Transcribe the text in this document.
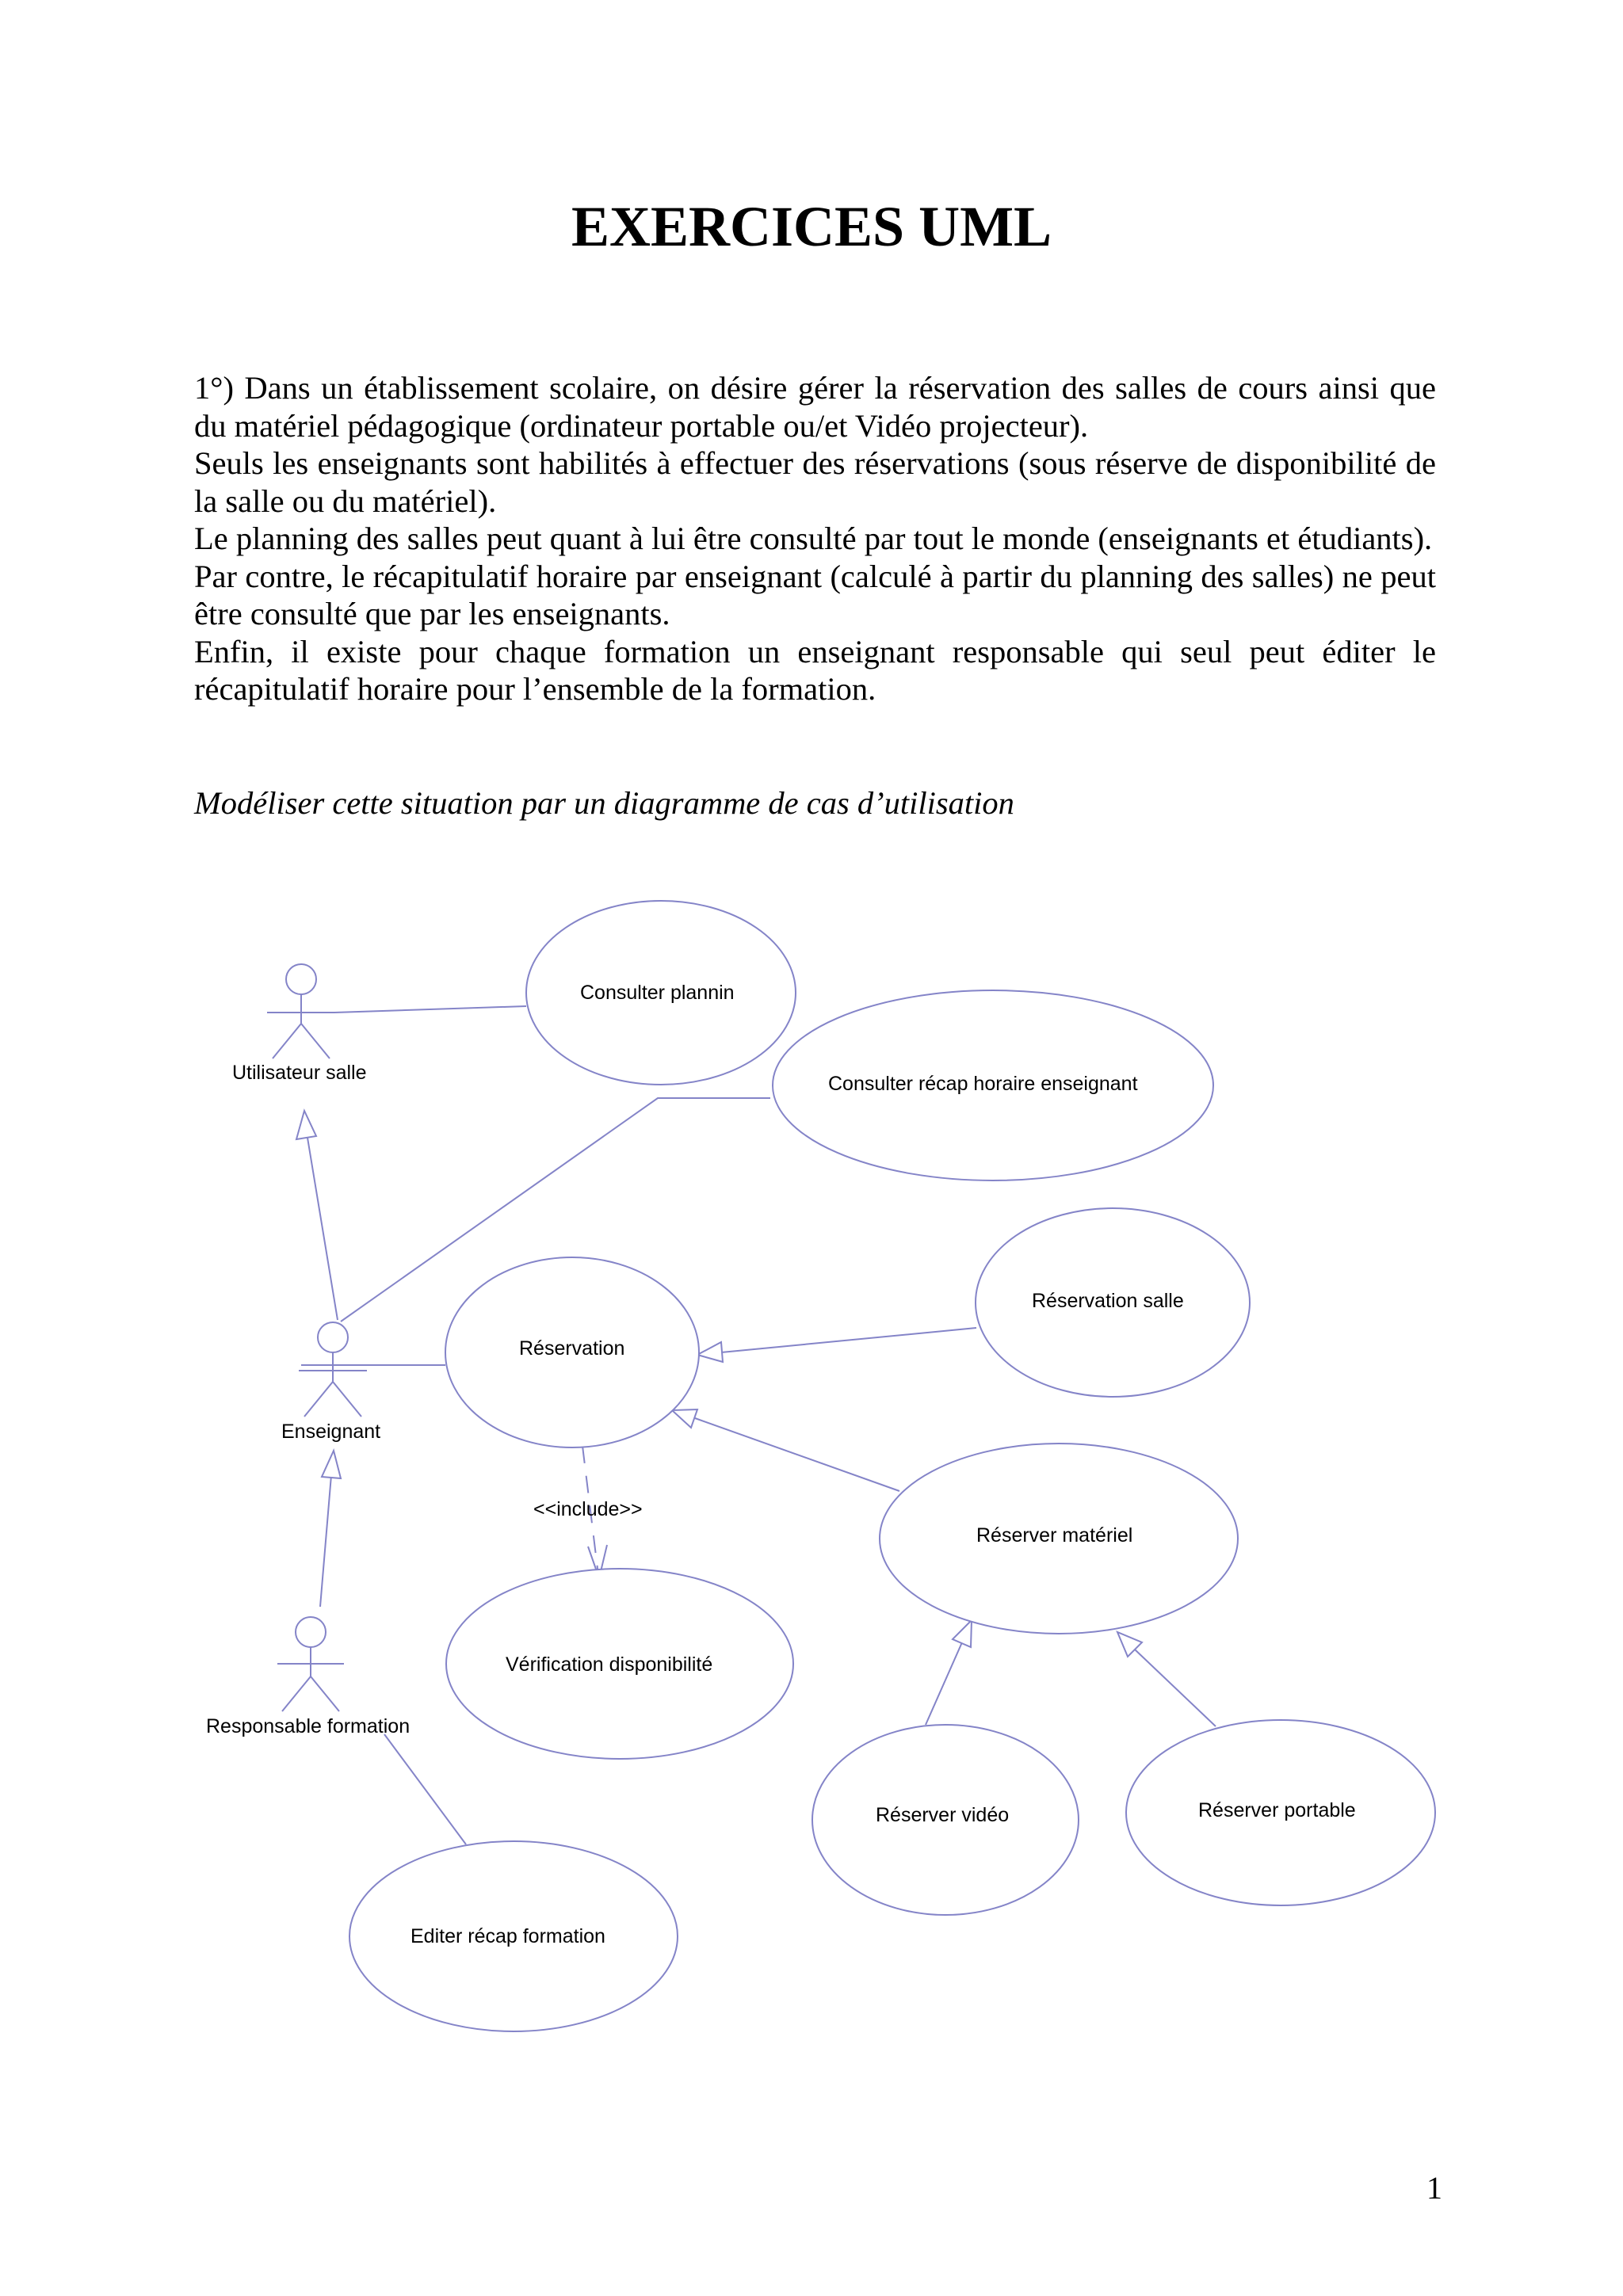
EXERCICES UML

1°) Dans un établissement scolaire, on désire gérer la réservation des salles de cours ainsi que du matériel pédagogique (ordinateur portable ou/et Vidéo projecteur).

Seuls les enseignants sont habilités à effectuer des réservations (sous réserve de disponibilité de la salle ou du matériel).

Le planning des salles peut quant à lui être consulté par tout le monde (enseignants et étudiants).

Par contre, le récapitulatif horaire par enseignant (calculé à partir du planning des salles) ne peut être consulté que par les enseignants.

Enfin, il existe pour chaque formation un enseignant responsable qui seul peut éditer le récapitulatif horaire pour l’ensemble de la formation.

Modéliser cette situation par un diagramme de cas d’utilisation
<<include>>
Consulter plannin
Consulter récap horaire enseignant
Réservation
Réservation salle
Réserver matériel
Vérification disponibilité
Réserver vidéo	Réserver portable
Editer récap formation
Utilisateur salle
Enseignant
Responsable formation
1
